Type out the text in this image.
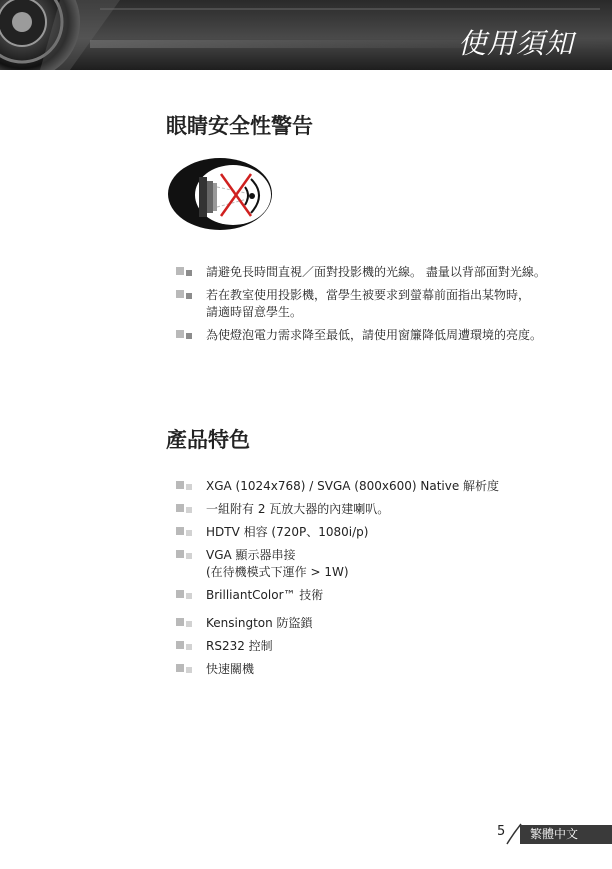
使用須知
眼睛安全性警告
請避免長時間直視／面對投影機的光線。 盡量以背部面對光線。
若在教室使用投影機，當學生被要求到螢幕前面指出某物時，
請適時留意學生。
為使燈泡電力需求降至最低，請使用窗簾降低周遭環境的亮度。
產品特色
XGA (1024x768) / SVGA (800x600) Native 解析度
一組附有 2 瓦放大器的內建喇叭。
HDTV 相容 (720P、1080i/p)
VGA 顯示器串接
(在待機模式下運作 > 1W)
BrilliantColor™ 技術
Kensington 防盜鎖
RS232 控制
快速關機
5	繁體中文
